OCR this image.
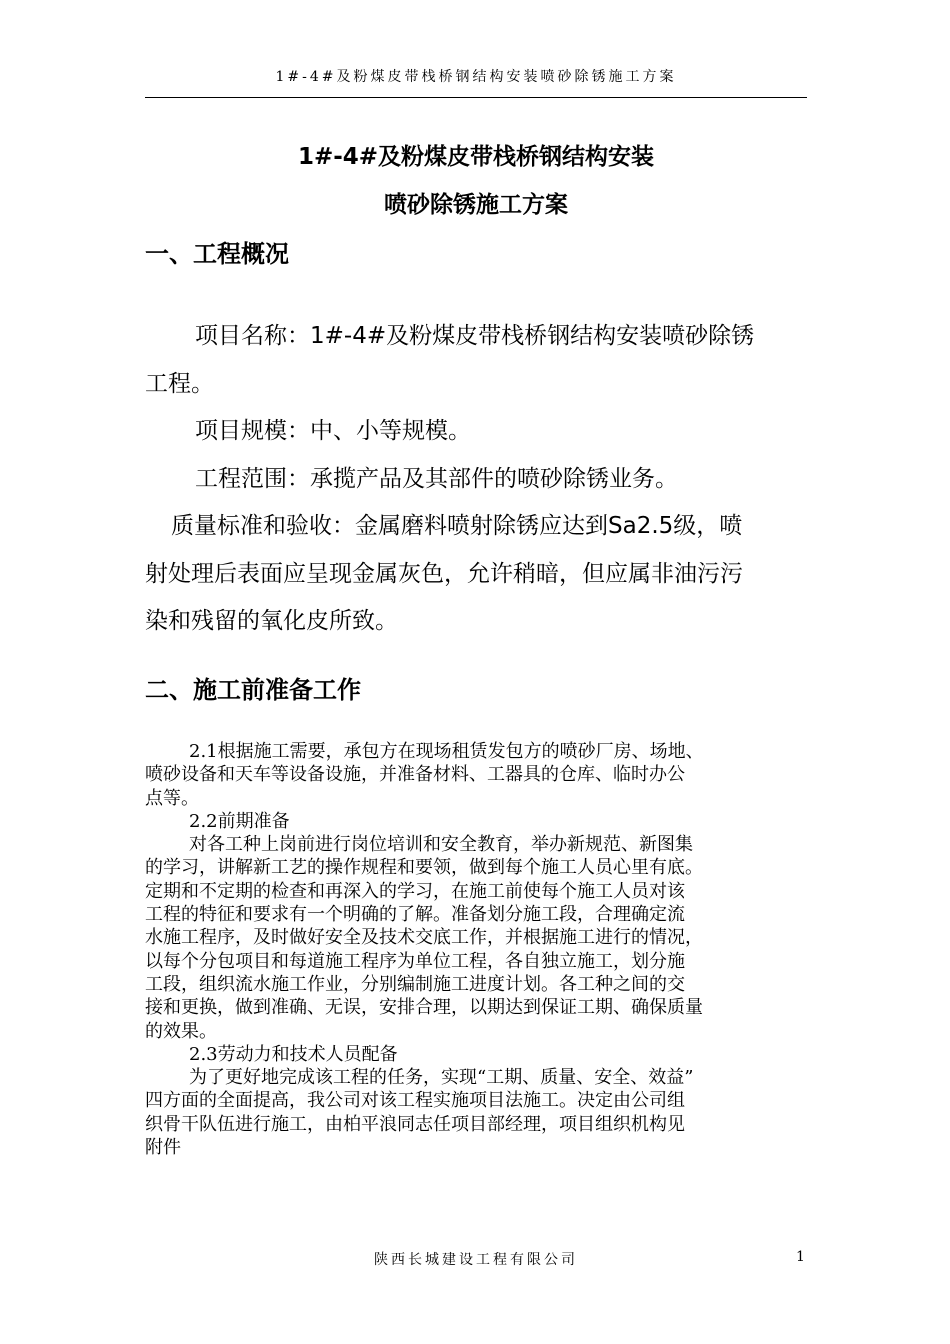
1#-4#及粉煤皮带栈桥钢结构安装喷砂除锈施工方案
1#-4#及粉煤皮带栈桥钢结构安装
喷砂除锈施工方案
一、工程概况

项目名称：1#-4#及粉煤皮带栈桥钢结构安装喷砂除锈

工程。

项目规模：中、小等规模。

工程范围：承揽产品及其部件的喷砂除锈业务。

质量标准和验收：金属磨料喷射除锈应达到Sa2.5级，喷

射处理后表面应呈现金属灰色，允许稍暗，但应属非油污污

染和残留的氧化皮所致。

二、施工前准备工作

2.1根据施工需要，承包方在现场租赁发包方的喷砂厂房、场地、

喷砂设备和天车等设备设施，并准备材料、工器具的仓库、临时办公

点等。

2.2前期准备

对各工种上岗前进行岗位培训和安全教育，举办新规范、新图集

的学习，讲解新工艺的操作规程和要领，做到每个施工人员心里有底。

定期和不定期的检查和再深入的学习，在施工前使每个施工人员对该

工程的特征和要求有一个明确的了解。准备划分施工段，合理确定流

水施工程序，及时做好安全及技术交底工作，并根据施工进行的情况，

以每个分包项目和每道施工程序为单位工程，各自独立施工，划分施

工段，组织流水施工作业，分别编制施工进度计划。各工种之间的交

接和更换，做到准确、无误，安排合理，以期达到保证工期、确保质量

的效果。

2.3劳动力和技术人员配备

为了更好地完成该工程的任务，实现“工期、质量、安全、效益”

四方面的全面提高，我公司对该工程实施项目法施工。决定由公司组

织骨干队伍进行施工，由柏平浪同志任项目部经理，项目组织机构见

附件

陕西长城建设工程有限公司	1
